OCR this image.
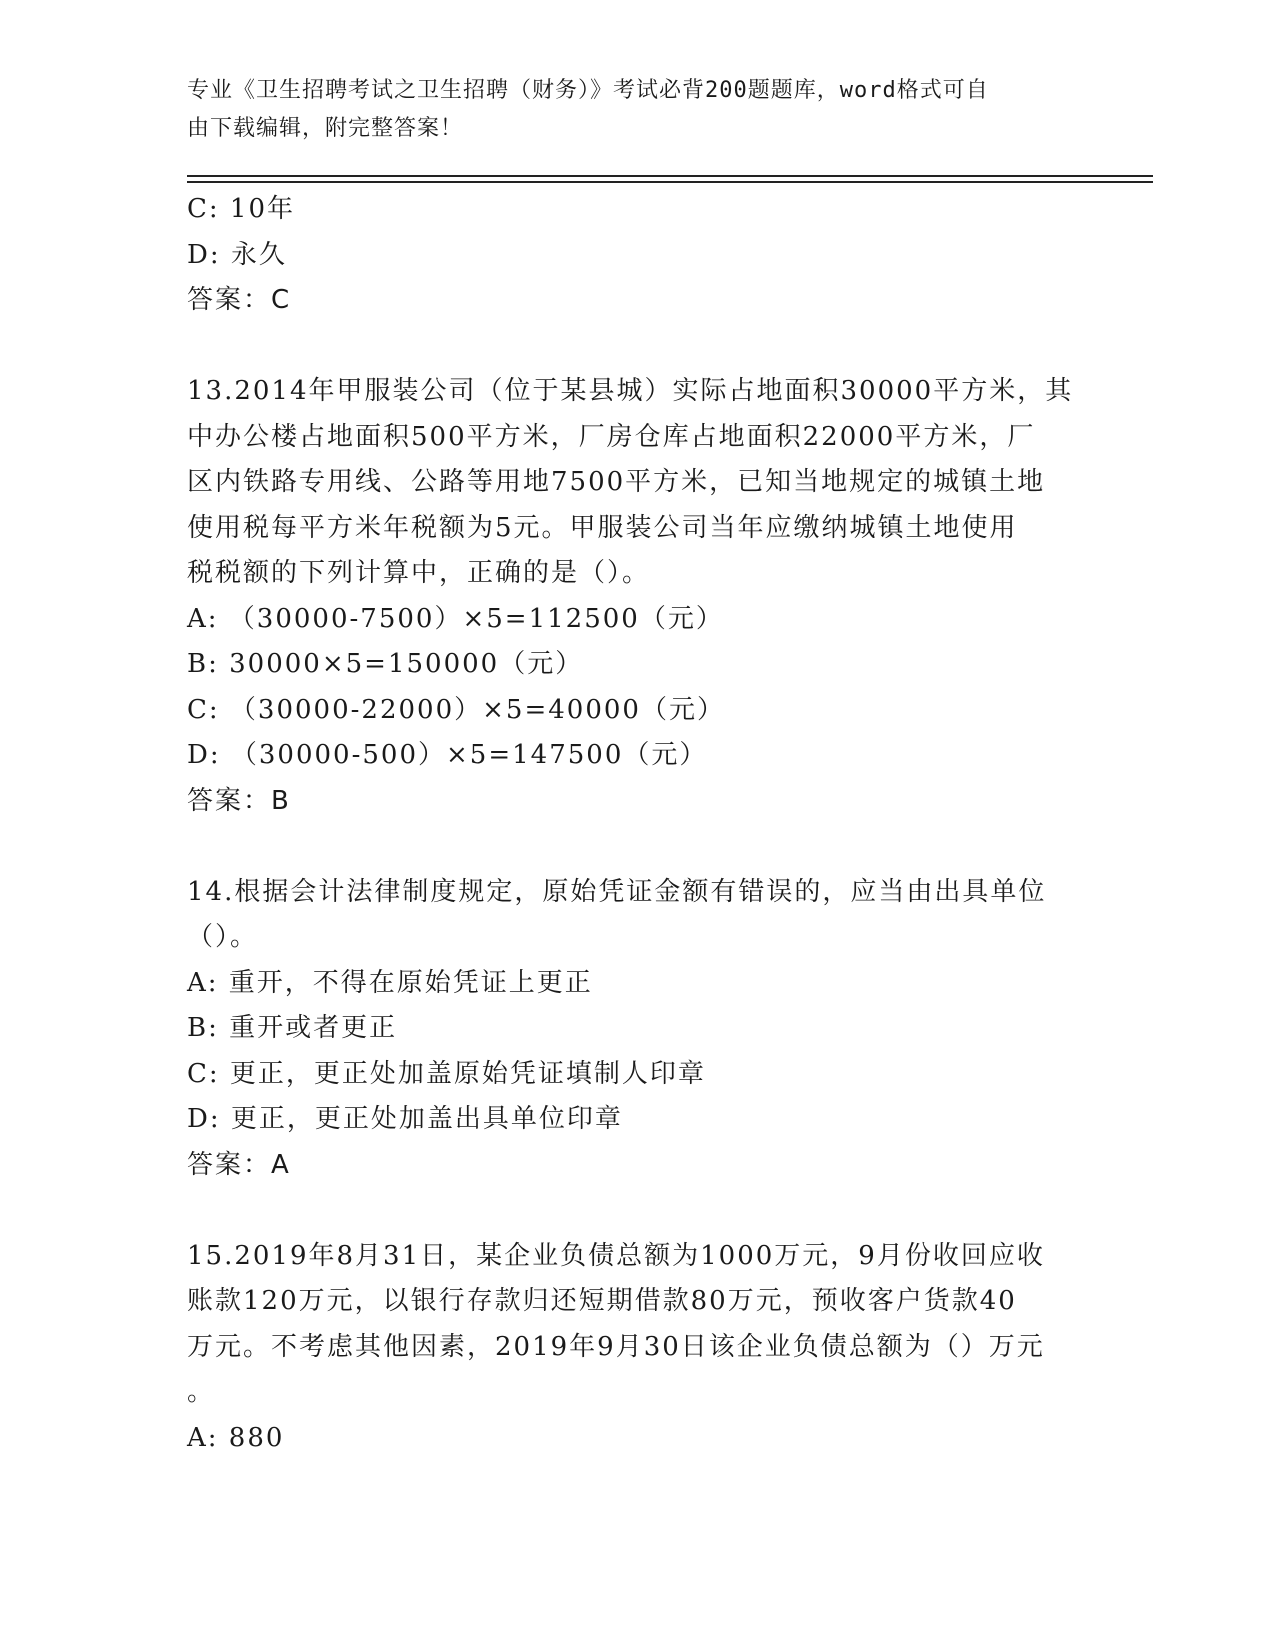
专业《卫生招聘考试之卫生招聘（财务）》考试必背200题题库，word格式可自
由下载编辑，附完整答案！
C: 10年
D: 永久
答案：C
13.2014年甲服装公司（位于某县城）实际占地面积30000平方米，其
中办公楼占地面积500平方米，厂房仓库占地面积22000平方米，厂
区内铁路专用线、公路等用地7500平方米，已知当地规定的城镇土地
使用税每平方米年税额为5元。甲服装公司当年应缴纳城镇土地使用
税税额的下列计算中，正确的是（）。
A: （30000-7500）×5=112500（元）
B: 30000×5=150000（元）
C: （30000-22000）×5=40000（元）
D: （30000-500）×5=147500（元）
答案：B
14.根据会计法律制度规定，原始凭证金额有错误的，应当由出具单位
（）。
A: 重开，不得在原始凭证上更正
B: 重开或者更正
C: 更正，更正处加盖原始凭证填制人印章
D: 更正，更正处加盖出具单位印章
答案：A
15.2019年8月31日，某企业负债总额为1000万元，9月份收回应收
账款120万元，以银行存款归还短期借款80万元，预收客户货款40
万元。不考虑其他因素，2019年9月30日该企业负债总额为（）万元
。
A: 880
